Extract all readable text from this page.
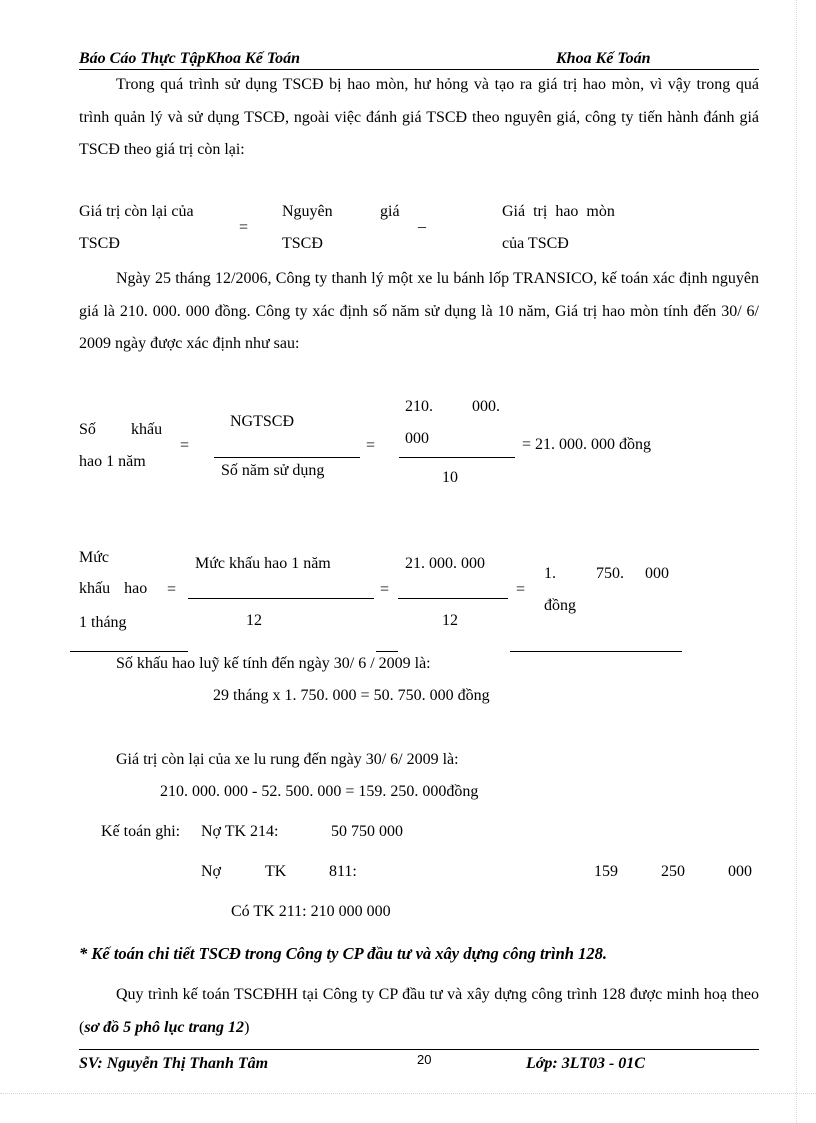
Báo Cáo Thực TậpKhoa Kế Toán	Khoa Kế Toán
Trong quá trình sử dụng TSCĐ bị hao mòn, hư hỏng và tạo ra giá trị hao mòn, vì vậy trong quá trình quản lý và sử dụng TSCĐ, ngoài việc đánh giá TSCĐ theo nguyên giá, công ty tiến hành đánh giá TSCĐ theo giá trị còn lại:
Giá trị còn lại của
TSCĐ
=
Nguyên	giá
TSCĐ
_
Giá trị hao mòn
của TSCĐ
Ngày 25 tháng 12/2006, Công ty thanh lý một xe lu bánh lốp TRANSICO, kế toán xác định nguyên giá là 210. 000. 000 đồng. Công ty xác định số năm sử dụng là 10 năm, Giá trị hao mòn tính đến 30/ 6/ 2009 ngày được xác định như sau:
Số khấu
hao 1 năm
=
NGTSCĐ
Số năm sử dụng
=
210. 000.
000
10
= 21. 000. 000 đồng
Mức
khấu hao
1 tháng
=
Mức khấu hao 1 năm
12
=
21. 000. 000
12
=
1.	750. 000
đồng
Số khấu hao luỹ kế tính đến ngày 30/ 6 / 2009 là:
29 tháng x 1. 750. 000 = 50. 750. 000 đồng
Giá trị còn lại của xe lu rung đến ngày 30/ 6/ 2009 là:
210. 000. 000 - 52. 500. 000 = 159. 250. 000đồng
Kế toán ghi: Nợ TK 214:	50 750 000
Nợ	TK	811:	159	250	000
Có TK 211: 210 000 000
* Kế toán chi tiết TSCĐ trong Công ty CP đầu tư và xây dựng công trình 128.
Quy trình kế toán TSCĐHH tại Công ty CP đầu tư và xây dựng công trình 128 được minh hoạ theo (sơ đồ 5 phô lục trang 12)
SV: Nguyễn Thị Thanh Tâm	20	Lớp: 3LT03 - 01C
